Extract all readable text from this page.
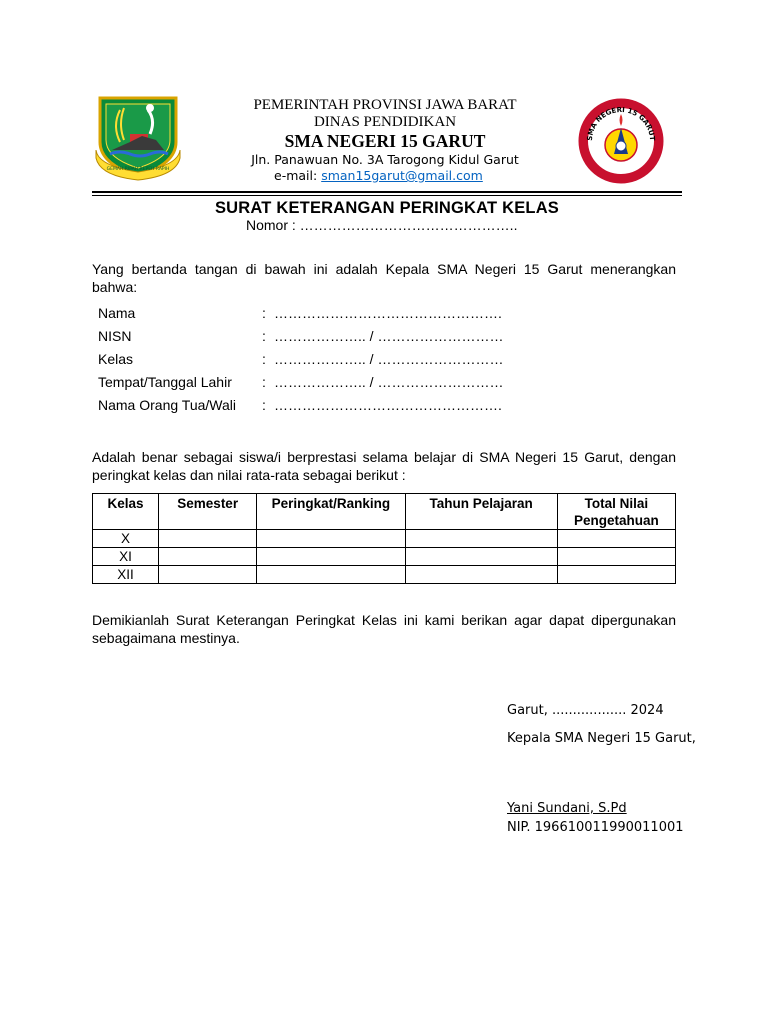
GEMAH RIPAH REPEH RAPIH
SMA NEGERI 15 GARUT
PEMERINTAH PROVINSI JAWA BARAT
DINAS PENDIDIKAN
SMA NEGERI 15 GARUT
Jln. Panawuan No. 3A Tarogong Kidul Garut
e-mail: sman15garut@gmail.com
SURAT KETERANGAN PERINGKAT KELAS
Nomor : ………………………………………..

Yang bertanda tangan di bawah ini adalah Kepala SMA Negeri 15 Garut menerangkan bahwa:

Nama	: ………………………………………….
NISN	: ……………….. / ………………………
Kelas	: ……………….. / ………………………
Tempat/Tanggal Lahir : ……………….. / ………………………
Nama Orang Tua/Wali : ………………………………………….

Adalah benar sebagai siswa/i berprestasi selama belajar di SMA Negeri 15 Garut, dengan peringkat kelas dan nilai rata-rata sebagai berikut :

Kelas	Semester	Peringkat/Ranking	Tahun Pelajaran	Total Nilai Pengetahuan
X				
XI				
XII				

Demikianlah Surat Keterangan Peringkat Kelas ini kami berikan agar dapat dipergunakan sebagaimana mestinya.

Garut, .................. 2024
Kepala SMA Negeri 15 Garut,
Yani Sundani, S.Pd
NIP. 196610011990011001
